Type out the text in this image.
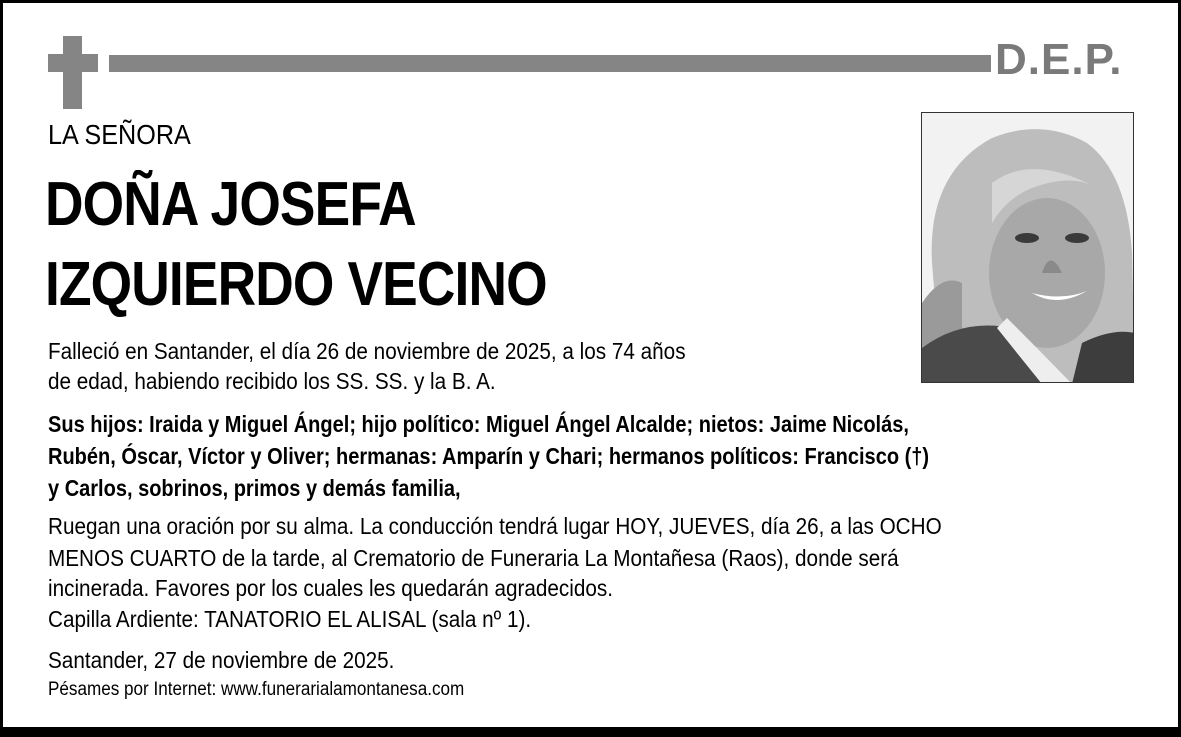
D.E.P.
LA SEÑORA
DOÑA JOSEFA
IZQUIERDO VECINO
Falleció en Santander, el día 26 de noviembre de 2025, a los 74 años
de edad, habiendo recibido los SS. SS. y la B. A.
Sus hijos: Iraida y Miguel Ángel; hijo político: Miguel Ángel Alcalde; nietos: Jaime Nicolás,
Rubén, Óscar, Víctor y Oliver; hermanas: Amparín y Chari; hermanos políticos: Francisco (†)
y Carlos, sobrinos, primos y demás familia,
Ruegan una oración por su alma. La conducción tendrá lugar HOY, JUEVES, día 26, a las OCHO
MENOS CUARTO de la tarde, al Crematorio de Funeraria La Montañesa (Raos), donde será
incinerada. Favores por los cuales les quedarán agradecidos.
Capilla Ardiente: TANATORIO EL ALISAL (sala nº 1).
Santander, 27 de noviembre de 2025.
Pésames por Internet: www.funerarialamontanesa.com
